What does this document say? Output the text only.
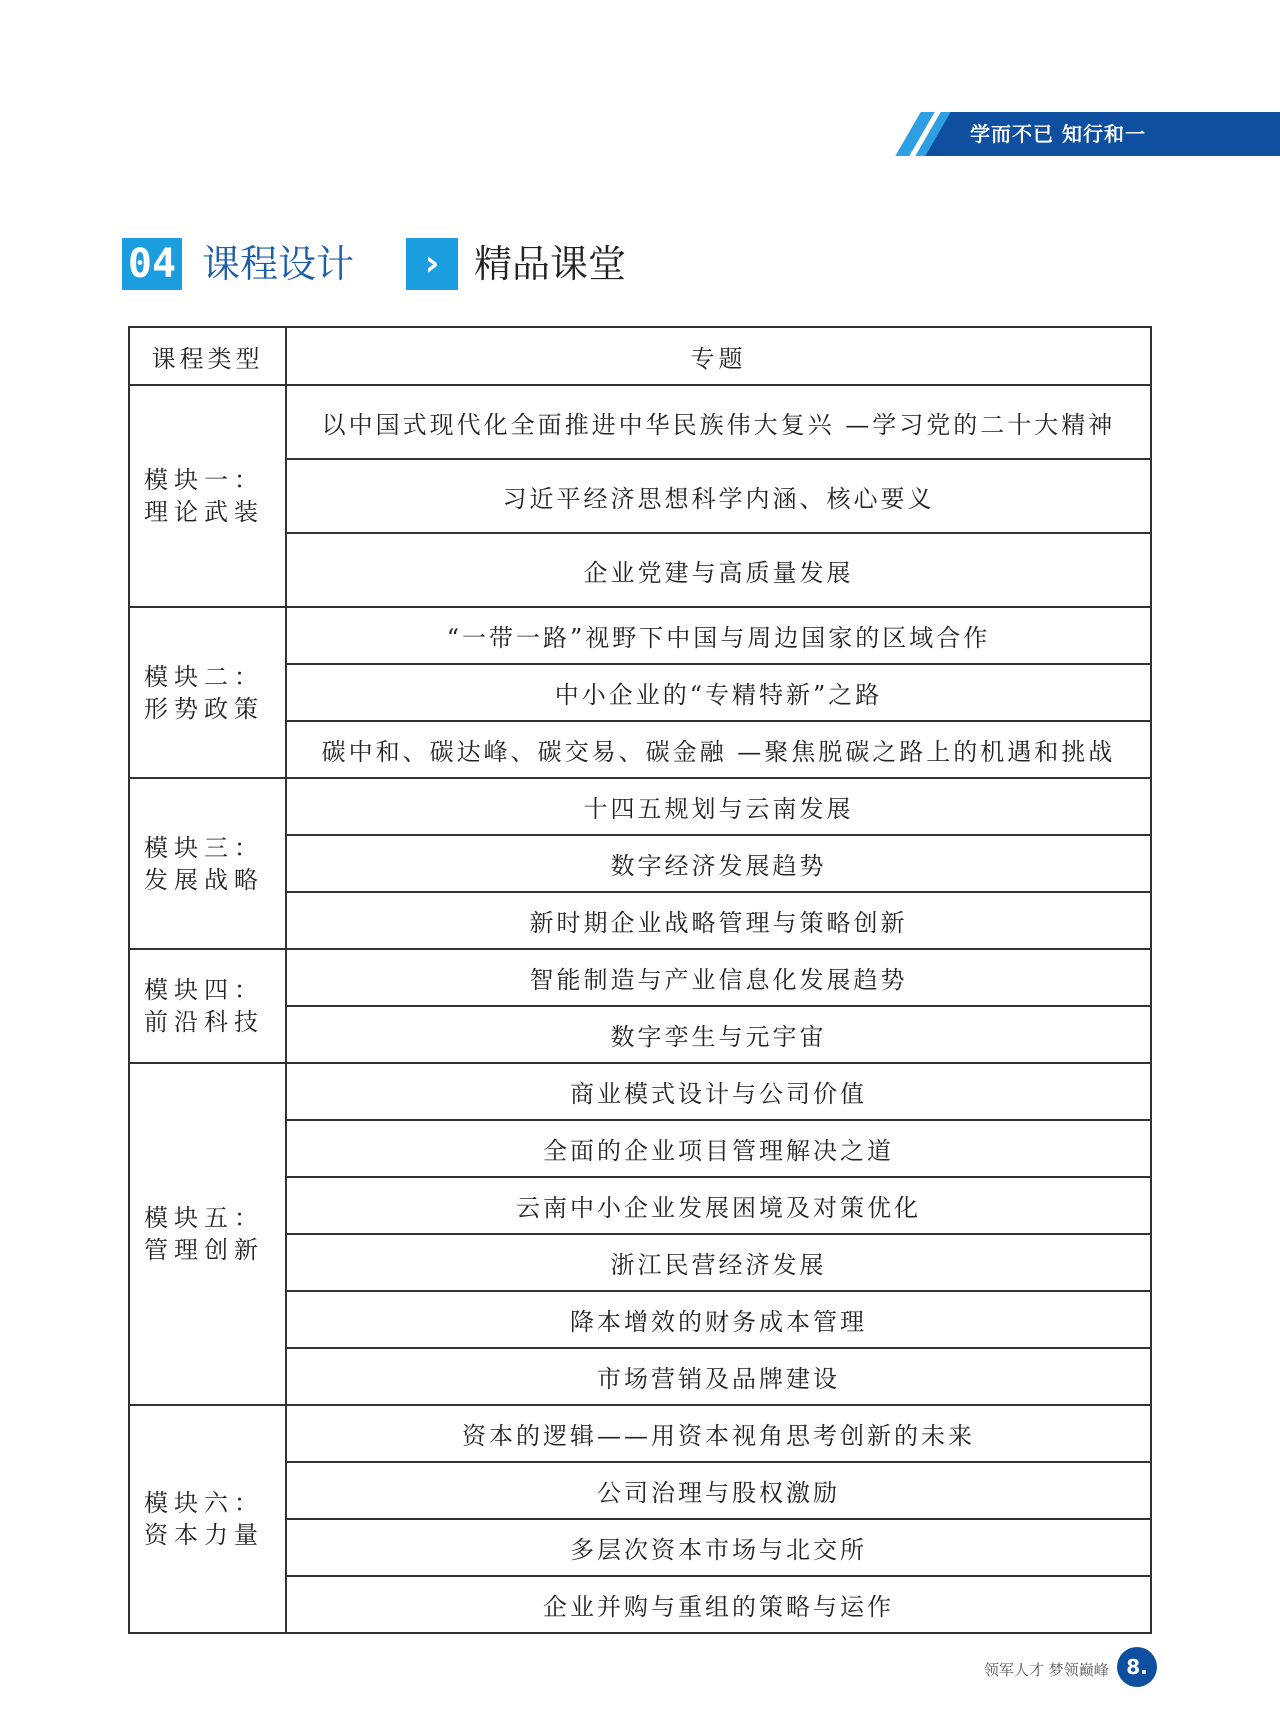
学而不已 知行和一
04 课程设计	› 精品课堂
课程类型	专题

模块一：
理论武装	以中国式现代化全面推进中华民族伟大复兴 —学习党的二十大精神
	习近平经济思想科学内涵、核心要义
	企业党建与高质量发展

模块二：
形势政策	“一带一路”视野下中国与周边国家的区域合作
	中小企业的“专精特新”之路
	碳中和、碳达峰、碳交易、碳金融 —聚焦脱碳之路上的机遇和挑战

模块三：
发展战略	十四五规划与云南发展
	数字经济发展趋势
	新时期企业战略管理与策略创新

模块四：
前沿科技	智能制造与产业信息化发展趋势
	数字孪生与元宇宙

模块五：
管理创新	商业模式设计与公司价值
	全面的企业项目管理解决之道
	云南中小企业发展困境及对策优化
	浙江民营经济发展
	降本增效的财务成本管理
	市场营销及品牌建设

模块六：
资本力量	资本的逻辑——用资本视角思考创新的未来
	公司治理与股权激励
	多层次资本市场与北交所
	企业并购与重组的策略与运作
领军人才 梦领巅峰 8.
